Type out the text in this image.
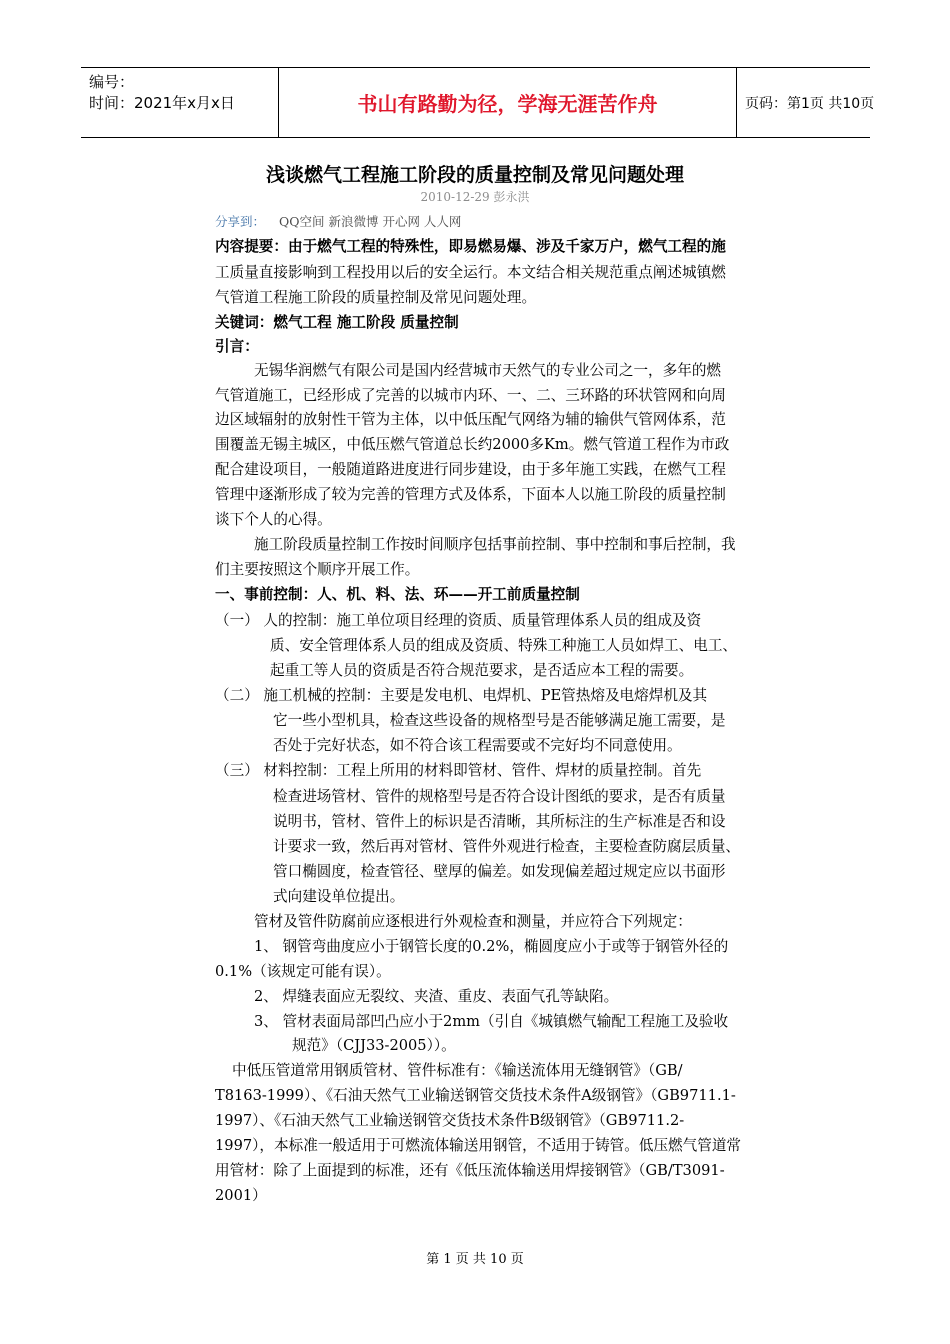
编号：
时间：2021年x月x日	书山有路勤为径，学海无涯苦作舟	页码：第1页 共10页
浅谈燃气工程施工阶段的质量控制及常见问题处理
2010-12-29 彭永洪
分享到： QQ空间 新浪微博 开心网 人人网
内容提要：由于燃气工程的特殊性，即易燃易爆、涉及千家万户，燃气工程的施
工质量直接影响到工程投用以后的安全运行。本文结合相关规范重点阐述城镇燃
气管道工程施工阶段的质量控制及常见问题处理。
关键词：燃气工程 施工阶段 质量控制
引言：
无锡华润燃气有限公司是国内经营城市天然气的专业公司之一，多年的燃
气管道施工，已经形成了完善的以城市内环、一、二、三环路的环状管网和向周
边区域辐射的放射性干管为主体，以中低压配气网络为辅的输供气管网体系，范
围覆盖无锡主城区，中低压燃气管道总长约2000多Km。燃气管道工程作为市政
配合建设项目，一般随道路进度进行同步建设，由于多年施工实践，在燃气工程
管理中逐渐形成了较为完善的管理方式及体系，下面本人以施工阶段的质量控制
谈下个人的心得。
施工阶段质量控制工作按时间顺序包括事前控制、事中控制和事后控制，我
们主要按照这个顺序开展工作。
一、事前控制：人、机、料、法、环——开工前质量控制
（一） 人的控制：施工单位项目经理的资质、质量管理体系人员的组成及资
质、安全管理体系人员的组成及资质、特殊工种施工人员如焊工、电工、
起重工等人员的资质是否符合规范要求，是否适应本工程的需要。
（二） 施工机械的控制：主要是发电机、电焊机、PE管热熔及电熔焊机及其
它一些小型机具，检查这些设备的规格型号是否能够满足施工需要，是
否处于完好状态，如不符合该工程需要或不完好均不同意使用。
（三） 材料控制：工程上所用的材料即管材、管件、焊材的质量控制。首先
检查进场管材、管件的规格型号是否符合设计图纸的要求，是否有质量
说明书，管材、管件上的标识是否清晰，其所标注的生产标准是否和设
计要求一致，然后再对管材、管件外观进行检查，主要检查防腐层质量、
管口椭圆度，检查管径、壁厚的偏差。如发现偏差超过规定应以书面形
式向建设单位提出。
管材及管件防腐前应逐根进行外观检查和测量，并应符合下列规定：
1、 钢管弯曲度应小于钢管长度的0.2%，椭圆度应小于或等于钢管外径的
0.1%（该规定可能有误）。
2、 焊缝表面应无裂纹、夹渣、重皮、表面气孔等缺陷。
3、 管材表面局部凹凸应小于2mm（引自《城镇燃气输配工程施工及验收
规范》（CJJ33-2005））。
中低压管道常用钢质管材、管件标准有：《输送流体用无缝钢管》（GB/
T8163-1999）、《石油天然气工业输送钢管交货技术条件A级钢管》（GB9711.1-
1997）、《石油天然气工业输送钢管交货技术条件B级钢管》（GB9711.2-
1997），本标准一般适用于可燃流体输送用钢管，不适用于铸管。低压燃气管道常
用管材：除了上面提到的标准，还有《低压流体输送用焊接钢管》（GB/T3091-
2001）
第 1 页 共 10 页
